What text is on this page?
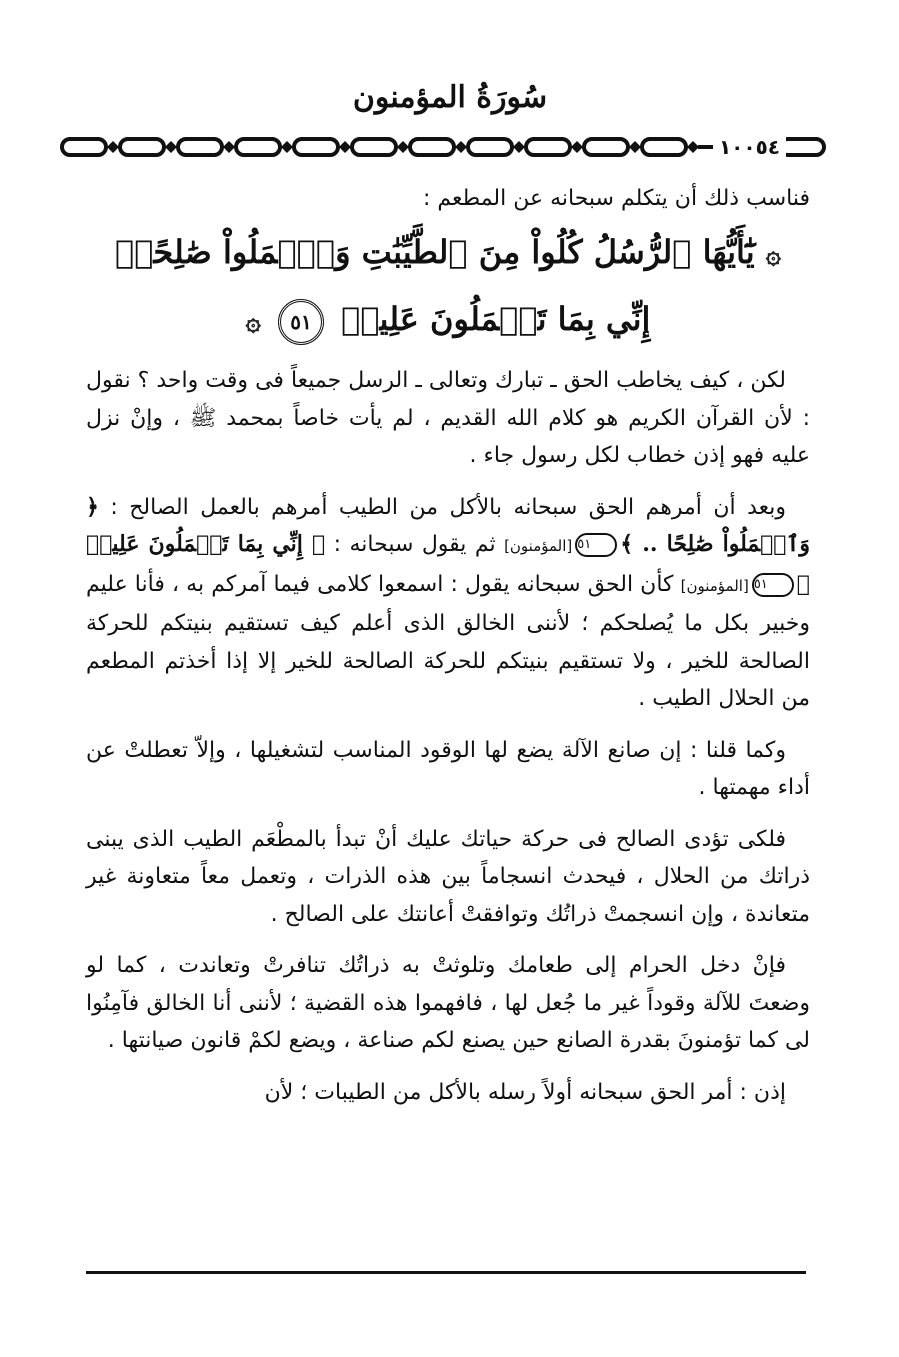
سُورَةُ المؤمنون
١٠٠٥٤

فناسب ذلك أن يتكلم سبحانه عن المطعم :

۞ يَٰٓأَيُّهَا ٱلرُّسُلُ كُلُواْ مِنَ ٱلطَّيِّبَٰتِ وَٱعۡمَلُواْ صَٰلِحًاۖ
إِنِّي بِمَا تَعۡمَلُونَ عَلِيمٞ ٥١ ۞

لكن ، كيف يخاطب الحق ـ تبارك وتعالى ـ الرسل جميعاً فى وقت واحد ؟ نقول : لأن القرآن الكريم هو كلام الله القديم ، لم يأت خاصاً بمحمد ﷺ ، وإنْ نزل عليه فهو إذن خطاب لكل رسول جاء .

وبعد أن أمرهم الحق سبحانه بالأكل من الطيب أمرهم بالعمل الصالح : ﴿ وَٱعۡمَلُواْ صَٰلِحًا .. ﴾٥١[المؤمنون] ثم يقول سبحانه : ﴿ إِنِّي بِمَا تَعۡمَلُونَ عَلِيمٞ ﴾٥١[المؤمنون] كأن الحق سبحانه يقول : اسمعوا كلامى فيما آمركم به ، فأنا عليم وخبير بكل ما يُصلحكم ؛ لأننى الخالق الذى أعلم كيف تستقيم بنيتكم للحركة الصالحة للخير ، ولا تستقيم بنيتكم للحركة الصالحة للخير إلا إذا أخذتم المطعم من الحلال الطيب .

وكما قلنا : إن صانع الآلة يضع لها الوقود المناسب لتشغيلها ، وإلاّ تعطلتْ عن أداء مهمتها .

فلكى تؤدى الصالح فى حركة حياتك عليك أنْ تبدأ بالمطْعَم الطيب الذى يبنى ذراتك من الحلال ، فيحدث انسجاماً بين هذه الذرات ، وتعمل معاً متعاونة غير متعاندة ، وإن انسجمتْ ذراتُك وتوافقتْ أعانتك على الصالح .

فإنْ دخل الحرام إلى طعامك وتلوثتْ به ذراتُك تنافرتْ وتعاندت ، كما لو وضعتَ للآلة وقوداً غير ما جُعل لها ، فافهموا هذه القضية ؛ لأننى أنا الخالق فآمِنُوا لى كما تؤمنونَ بقدرة الصانع حين يصنع لكم صناعة ، ويضع لكمْ قانون صيانتها .

إذن : أمر الحق سبحانه أولاً رسله بالأكل من الطيبات ؛ لأن
